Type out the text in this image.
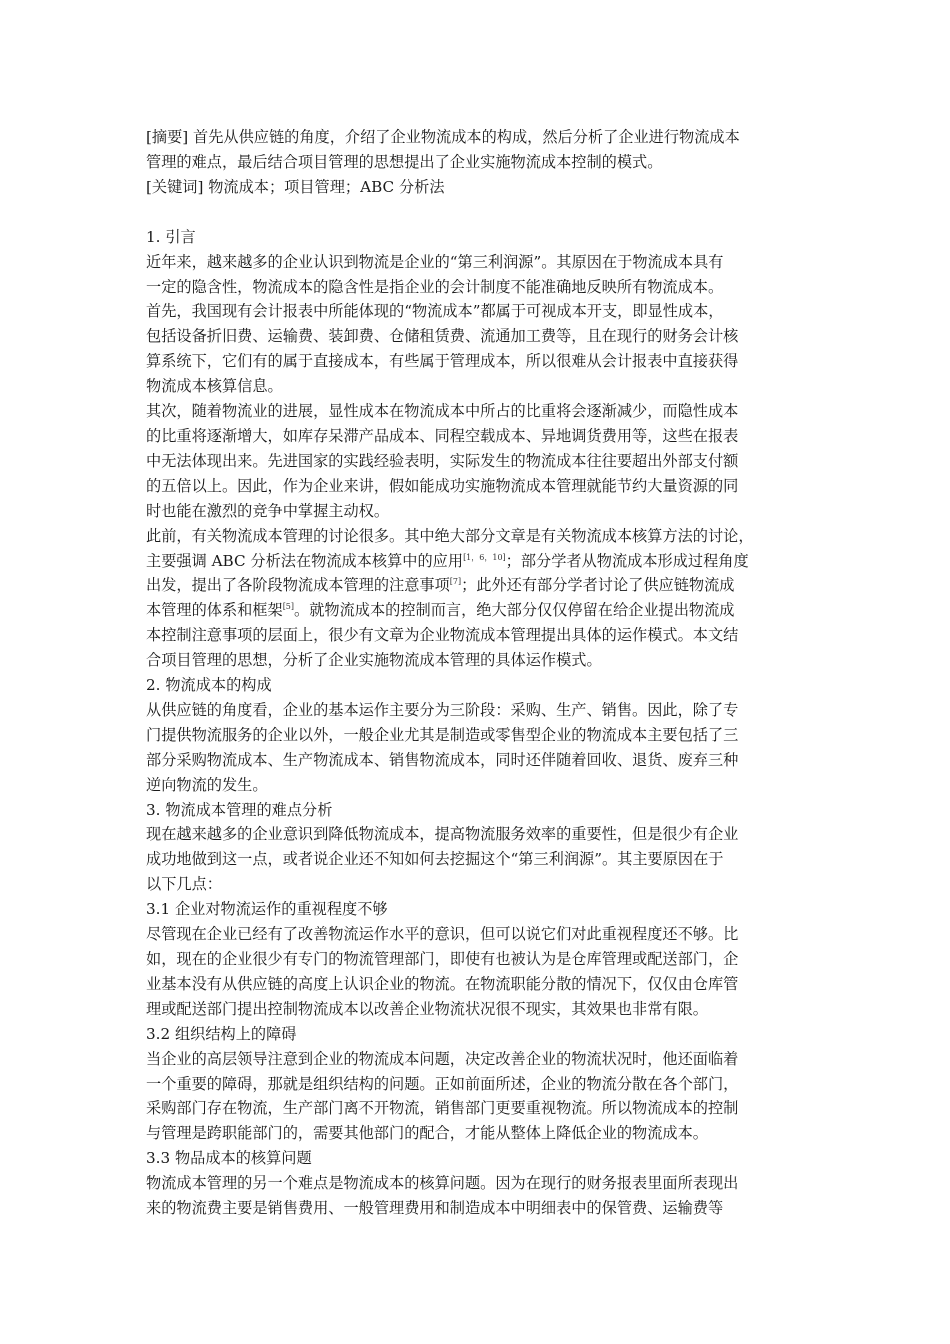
[摘要] 首先从供应链的角度，介绍了企业物流成本的构成，然后分析了企业进行物流成本
管理的难点，最后结合项目管理的思想提出了企业实施物流成本控制的模式。
[关键词] 物流成本；项目管理；ABC 分析法
1. 引言
近年来，越来越多的企业认识到物流是企业的“第三利润源”。其原因在于物流成本具有
一定的隐含性，物流成本的隐含性是指企业的会计制度不能准确地反映所有物流成本。
首先，我国现有会计报表中所能体现的“物流成本”都属于可视成本开支，即显性成本，
包括设备折旧费、运输费、装卸费、仓储租赁费、流通加工费等，且在现行的财务会计核
算系统下，它们有的属于直接成本，有些属于管理成本，所以很难从会计报表中直接获得
物流成本核算信息。
其次，随着物流业的进展，显性成本在物流成本中所占的比重将会逐渐减少，而隐性成本
的比重将逐渐增大，如库存呆滞产品成本、同程空载成本、异地调货费用等，这些在报表
中无法体现出来。先进国家的实践经验表明，实际发生的物流成本往往要超出外部支付额
的五倍以上。因此，作为企业来讲，假如能成功实施物流成本管理就能节约大量资源的同
时也能在激烈的竞争中掌握主动权。
此前，有关物流成本管理的讨论很多。其中绝大部分文章是有关物流成本核算方法的讨论，
主要强调 ABC 分析法在物流成本核算中的应用[1，6，10]；部分学者从物流成本形成过程角度
出发，提出了各阶段物流成本管理的注意事项[7]；此外还有部分学者讨论了供应链物流成
本管理的体系和框架[5]。就物流成本的控制而言，绝大部分仅仅停留在给企业提出物流成
本控制注意事项的层面上，很少有文章为企业物流成本管理提出具体的运作模式。本文结
合项目管理的思想，分析了企业实施物流成本管理的具体运作模式。
2. 物流成本的构成
从供应链的角度看，企业的基本运作主要分为三阶段：采购、生产、销售。因此，除了专
门提供物流服务的企业以外，一般企业尤其是制造或零售型企业的物流成本主要包括了三
部分采购物流成本、生产物流成本、销售物流成本，同时还伴随着回收、退货、废弃三种
逆向物流的发生。
3. 物流成本管理的难点分析
现在越来越多的企业意识到降低物流成本，提高物流服务效率的重要性，但是很少有企业
成功地做到这一点，或者说企业还不知如何去挖掘这个“第三利润源”。其主要原因在于
以下几点：
3.1 企业对物流运作的重视程度不够
尽管现在企业已经有了改善物流运作水平的意识，但可以说它们对此重视程度还不够。比
如，现在的企业很少有专门的物流管理部门，即使有也被认为是仓库管理或配送部门，企
业基本没有从供应链的高度上认识企业的物流。在物流职能分散的情况下，仅仅由仓库管
理或配送部门提出控制物流成本以改善企业物流状况很不现实，其效果也非常有限。
3.2 组织结构上的障碍
当企业的高层领导注意到企业的物流成本问题，决定改善企业的物流状况时，他还面临着
一个重要的障碍，那就是组织结构的问题。正如前面所述，企业的物流分散在各个部门，
采购部门存在物流，生产部门离不开物流，销售部门更要重视物流。所以物流成本的控制
与管理是跨职能部门的，需要其他部门的配合，才能从整体上降低企业的物流成本。
3.3 物品成本的核算问题
物流成本管理的另一个难点是物流成本的核算问题。因为在现行的财务报表里面所表现出
来的物流费主要是销售费用、一般管理费用和制造成本中明细表中的保管费、运输费等
